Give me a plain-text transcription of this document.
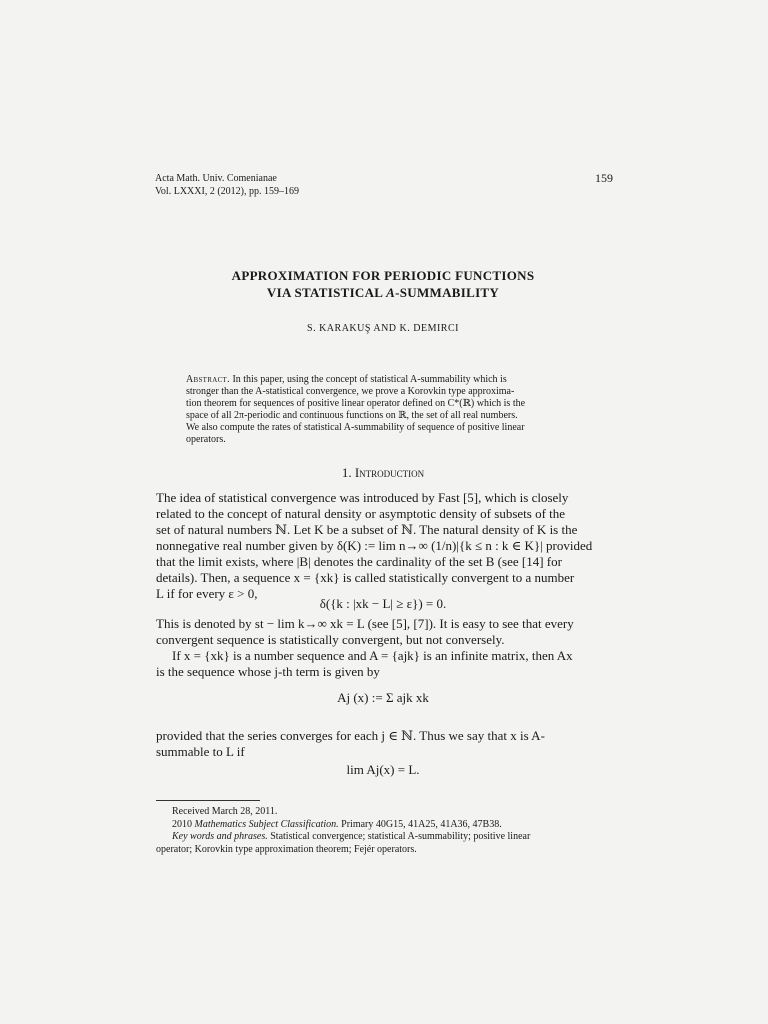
Acta Math. Univ. Comenianae
Vol. LXXXI, 2 (2012), pp. 159–169
159
APPROXIMATION FOR PERIODIC FUNCTIONS
VIA STATISTICAL A-SUMMABILITY
S. KARAKUŞ AND K. DEMIRCI
Abstract. In this paper, using the concept of statistical A-summability which is
stronger than the A-statistical convergence, we prove a Korovkin type approxima-
tion theorem for sequences of positive linear operator defined on C*(ℝ) which is the
space of all 2π-periodic and continuous functions on ℝ, the set of all real numbers.
We also compute the rates of statistical A-summability of sequence of positive linear
operators.
1. Introduction
The idea of statistical convergence was introduced by Fast [5], which is closely
related to the concept of natural density or asymptotic density of subsets of the
set of natural numbers ℕ. Let K be a subset of ℕ. The natural density of K is the
nonnegative real number given by δ(K) := lim n→∞ (1/n)|{k ≤ n : k ∈ K}| provided
that the limit exists, where |B| denotes the cardinality of the set B (see [14] for
details). Then, a sequence x = {xk} is called statistically convergent to a number
L if for every ε > 0,
δ({k : |xk − L| ≥ ε}) = 0.
This is denoted by st − lim k→∞ xk = L (see [5], [7]). It is easy to see that every
convergent sequence is statistically convergent, but not conversely.
If x = {xk} is a number sequence and A = {ajk} is an infinite matrix, then Ax
is the sequence whose j-th term is given by
Aj (x) := Σ ajk xk
provided that the series converges for each j ∈ ℕ. Thus we say that x is A-
summable to L if
lim Aj(x) = L.
Received March 28, 2011.
2010 Mathematics Subject Classification. Primary 40G15, 41A25, 41A36, 47B38.
Key words and phrases. Statistical convergence; statistical A-summability; positive linear
operator; Korovkin type approximation theorem; Fejér operators.
